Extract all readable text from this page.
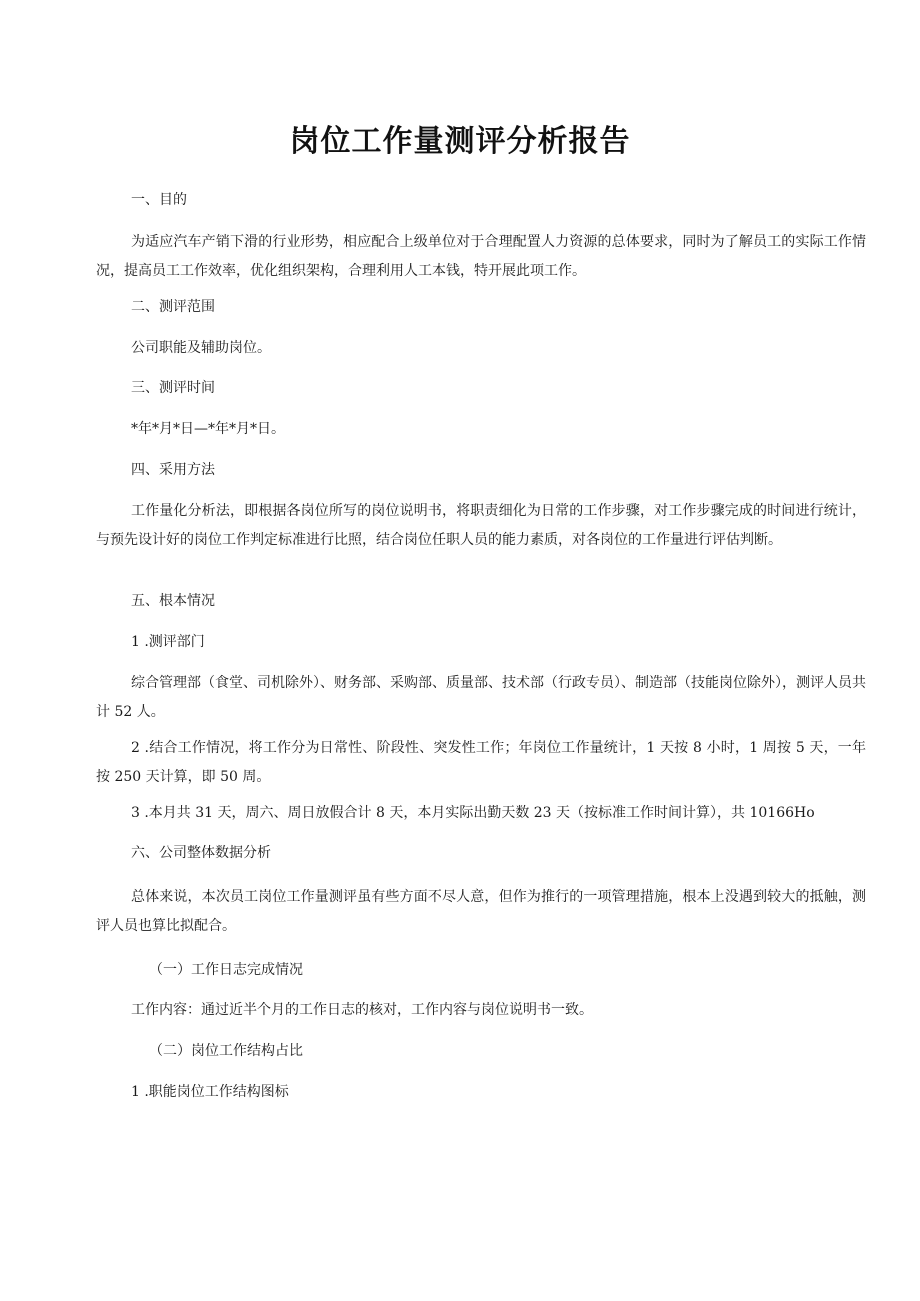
岗位工作量测评分析报告

一、目的

为适应汽车产销下滑的行业形势，相应配合上级单位对于合理配置人力资源的总体要求，同时为了解员工的实际工作情况，提高员工工作效率，优化组织架构，合理利用人工本钱，特开展此项工作。

二、测评范围

公司职能及辅助岗位。

三、测评时间

*年*月*日—*年*月*日。

四、采用方法

工作量化分析法，即根据各岗位所写的岗位说明书，将职责细化为日常的工作步骤，对工作步骤完成的时间进行统计，与预先设计好的岗位工作判定标准进行比照，结合岗位任职人员的能力素质，对各岗位的工作量进行评估判断。

五、根本情况

1 .测评部门

综合管理部（食堂、司机除外）、财务部、采购部、质量部、技术部（行政专员）、制造部（技能岗位除外），测评人员共计 52 人。

2 .结合工作情况，将工作分为日常性、阶段性、突发性工作；年岗位工作量统计，1 天按 8 小时，1 周按 5 天，一年按 250 天计算，即 50 周。

3 .本月共 31 天，周六、周日放假合计 8 天，本月实际出勤天数 23 天（按标准工作时间计算），共 10166Ho

六、公司整体数据分析

总体来说，本次员工岗位工作量测评虽有些方面不尽人意，但作为推行的一项管理措施，根本上没遇到较大的抵触，测评人员也算比拟配合。

（一）工作日志完成情况

工作内容：通过近半个月的工作日志的核对，工作内容与岗位说明书一致。

（二）岗位工作结构占比

1 .职能岗位工作结构图标
